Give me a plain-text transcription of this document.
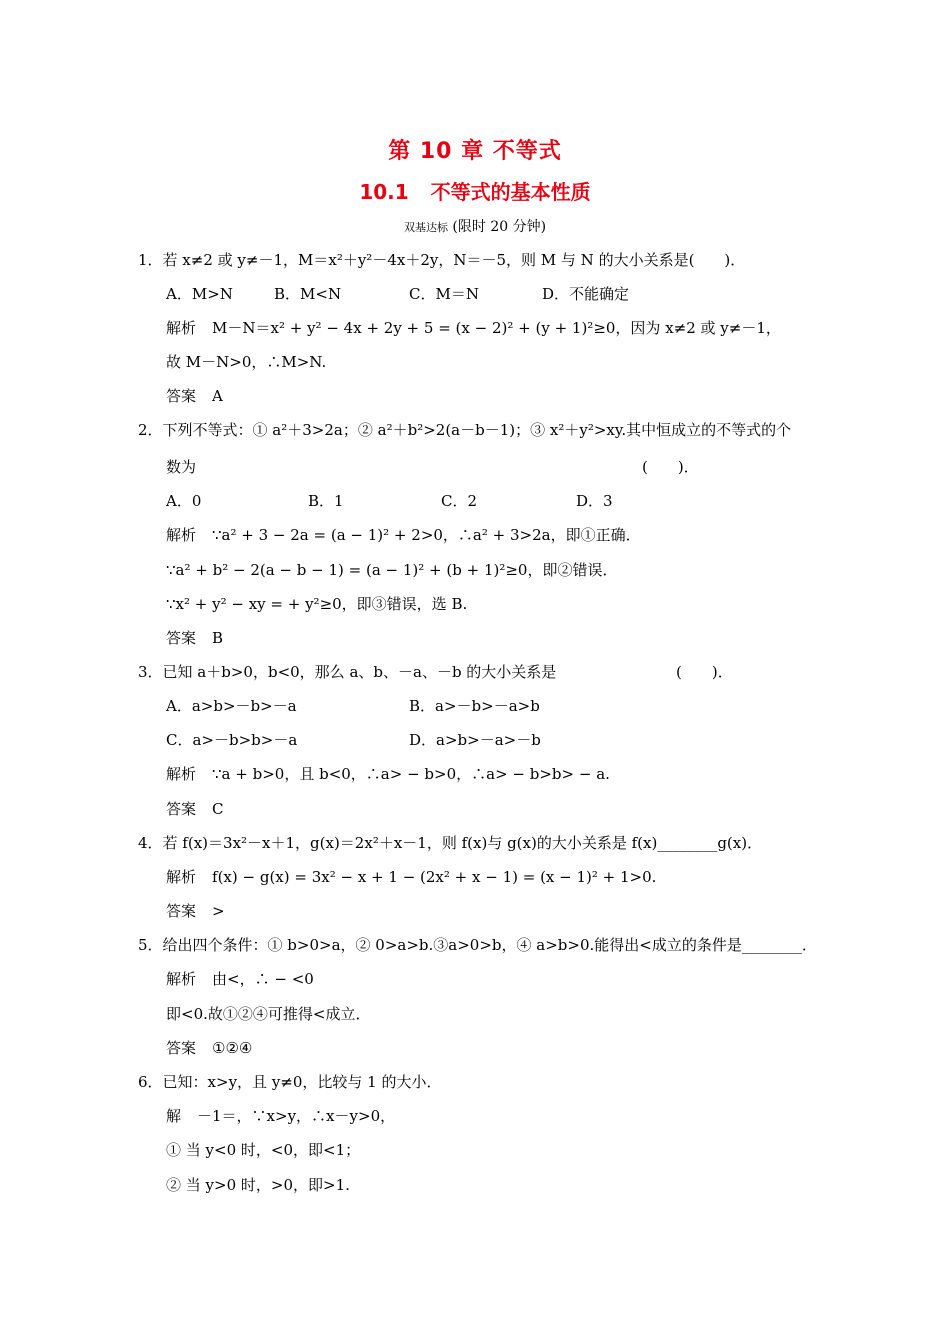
第 10 章 不等式
10.1 不等式的基本性质
双基达标 (限时 20 分钟)
1．若 x≠2 或 y≠－1，M＝x²＋y²－4x＋2y，N＝－5，则 M 与 N 的大小关系是(　　)．
A．M>N	B．M<N	C．M＝N	D．不能确定
解析 M－N＝x² + y² − 4x + 2y + 5 = (x − 2)² + (y + 1)²≥0，因为 x≠2 或 y≠－1，
故 M－N>0，∴M>N.
答案 A
2．下列不等式：① a²＋3>2a；② a²＋b²>2(a－b－1)；③ x²＋y²>xy.其中恒成立的不等式的个
数为	(　　)．
A．0	B．1	C．2	D．3
解析 ∵a² + 3 − 2a = (a − 1)² + 2>0，∴a² + 3>2a，即①正确．
∵a² + b² − 2(a − b − 1) = (a − 1)² + (b + 1)²≥0，即②错误．
∵x² + y² − xy = + y²≥0，即③错误，选 B.
答案 B
3．已知 a＋b>0，b<0，那么 a、b、－a、－b 的大小关系是	(　　)．
A．a>b>－b>－a	B．a>－b>－a>b
C．a>－b>b>－a	D．a>b>－a>－b
解析 ∵a + b>0，且 b<0，∴a> − b>0，∴a> − b>b> − a.
答案 C
4．若 f(x)＝3x²－x＋1，g(x)＝2x²＋x－1，则 f(x)与 g(x)的大小关系是 f(x)________g(x)．
解析 f(x) − g(x) = 3x² − x + 1 − (2x² + x − 1) = (x − 1)² + 1>0.
答案 >
5．给出四个条件：① b>0>a，② 0>a>b.③a>0>b，④ a>b>0.能得出<成立的条件是________．
解析 由<，∴ − <0
即<0.故①②④可推得<成立．
答案 ①②④
6．已知：x>y，且 y≠0，比较与 1 的大小．
解 －1＝，∵x>y，∴x－y>0，
① 当 y<0 时，<0，即<1；
② 当 y>0 时，>0，即>1.
